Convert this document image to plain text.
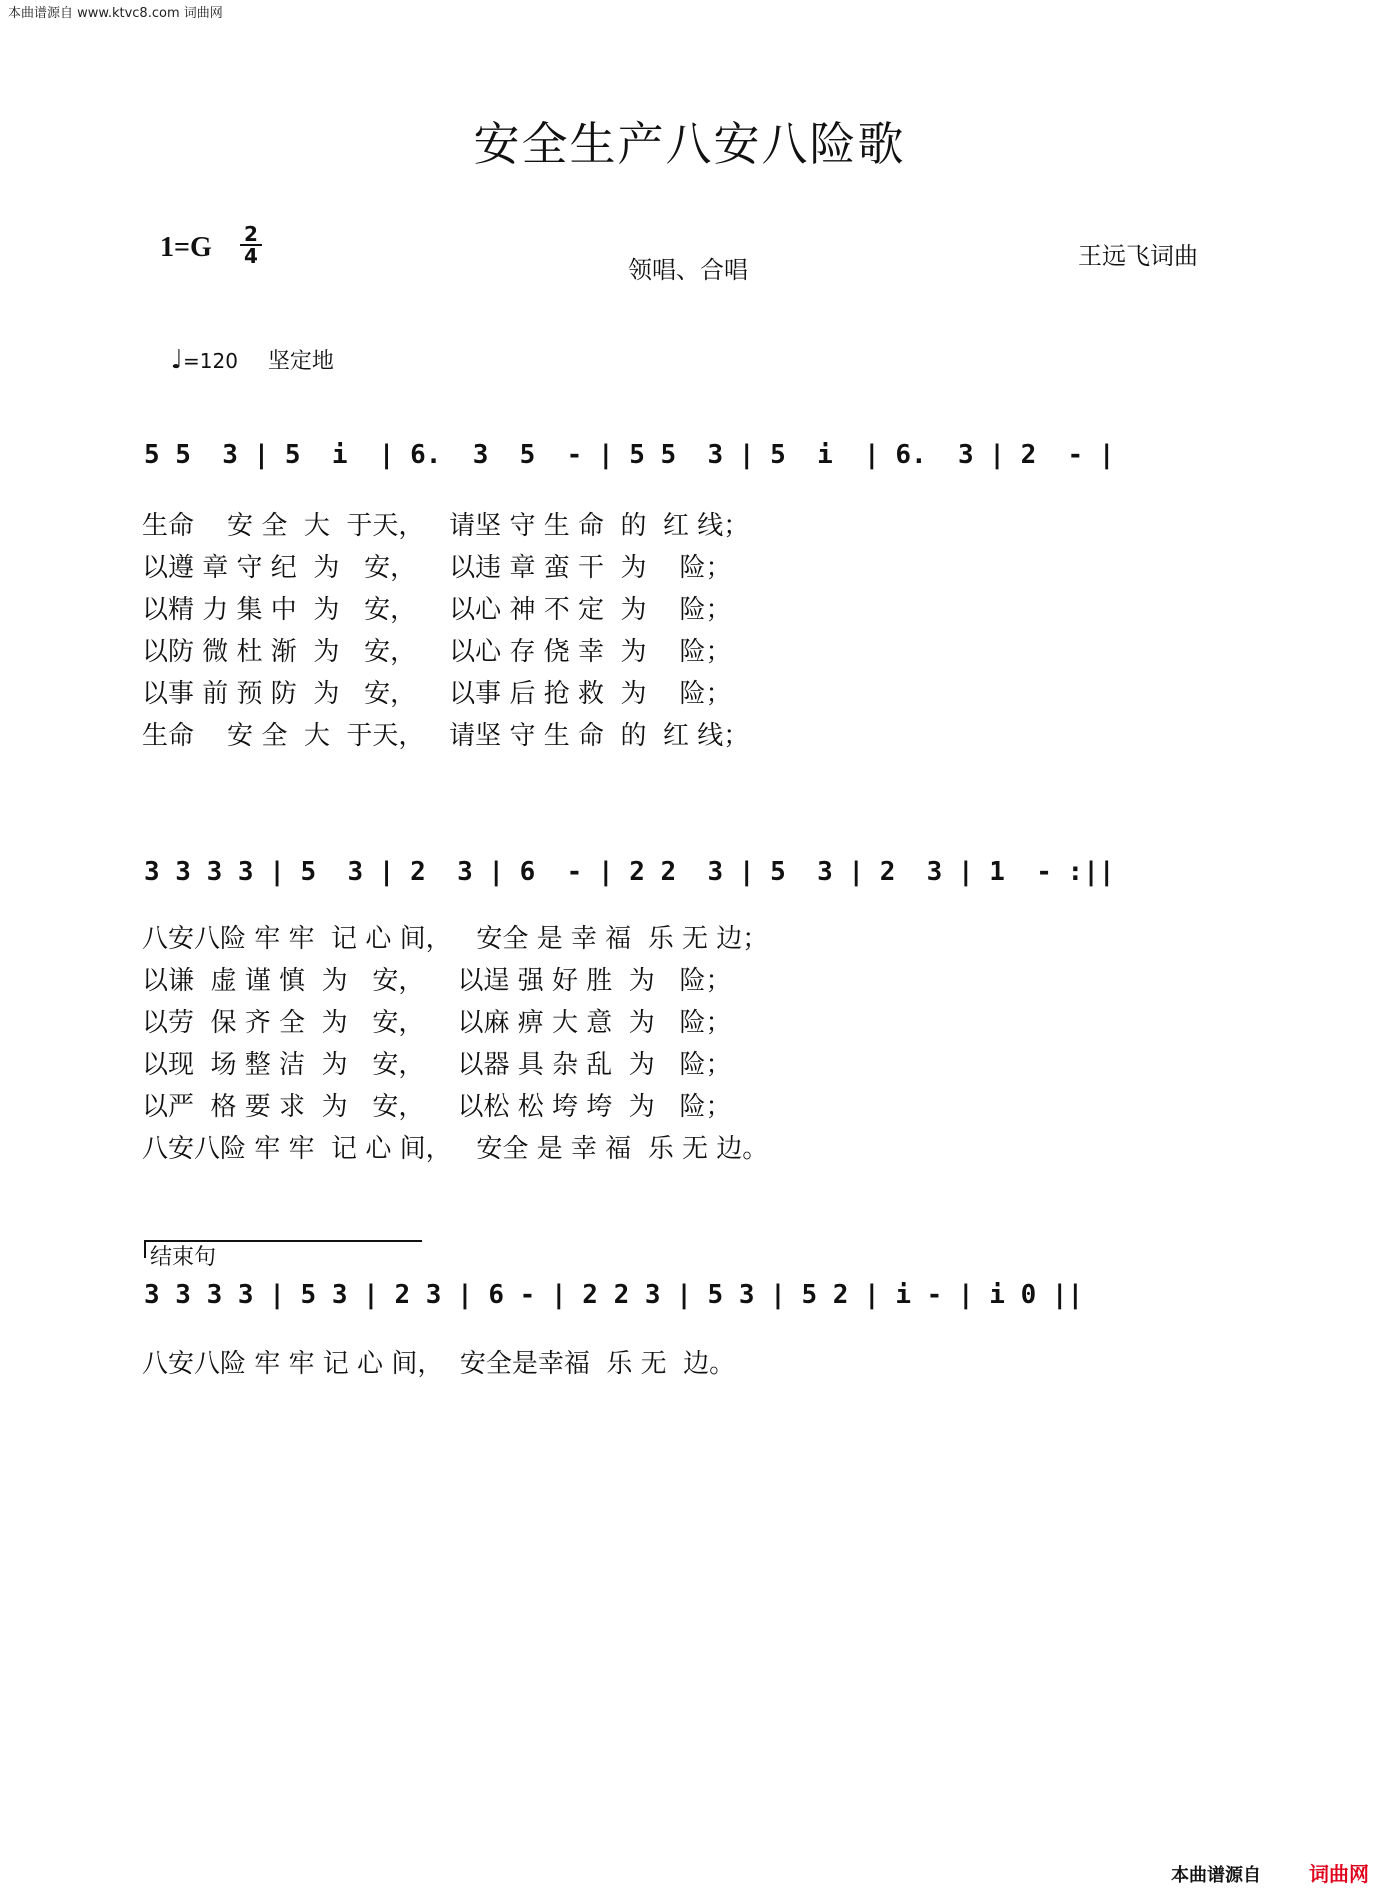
本曲谱源自 www.ktvc8.com 词曲网
安全生产八安八险歌
$1=G \frac{2}{4}$
领唱、合唱	王远飞词曲

♩=120 坚定地

5 5  3 | 5  i  | 6.  3  5  - | 5 5  3 | 5  i  | 6.  3 | 2  - |
生命    安 全  大  于天，   请坚 守 生 命  的  红 线；
以遵 章 守 纪  为   安，    以违 章 蛮 干  为    险；
以精 力 集 中  为   安，    以心 神 不 定  为    险；
以防 微 杜 渐  为   安，    以心 存 侥 幸  为    险；
以事 前 预 防  为   安，    以事 后 抢 救  为    险；
生命    安 全  大  于天，   请坚 守 生 命  的  红 线；
3 3 3 3 | 5  3 | 2  3 | 6  - | 2 2  3 | 5  3 | 2  3 | 1  - :||
八安八险 牢 牢  记 心 间，   安全 是 幸 福  乐 无 边；
以谦  虚 谨 慎  为   安，    以逞 强 好 胜  为   险；
以劳  保 齐 全  为   安，    以麻 痹 大 意  为   险；
以现  场 整 洁  为   安，    以器 具 杂 乱  为   险；
以严  格 要 求  为   安，    以松 松 垮 垮  为   险；
八安八险 牢 牢  记 心 间，   安全 是 幸 福  乐 无 边。
结束句
3 3 3 3 | 5 3 | 2 3 | 6 - | 2 2 3 | 5 3 | 5 2 | i - | i 0 ||
八安八险 牢 牢 记 心 间，  安全是幸福  乐 无  边。
本曲谱源自 词曲网
